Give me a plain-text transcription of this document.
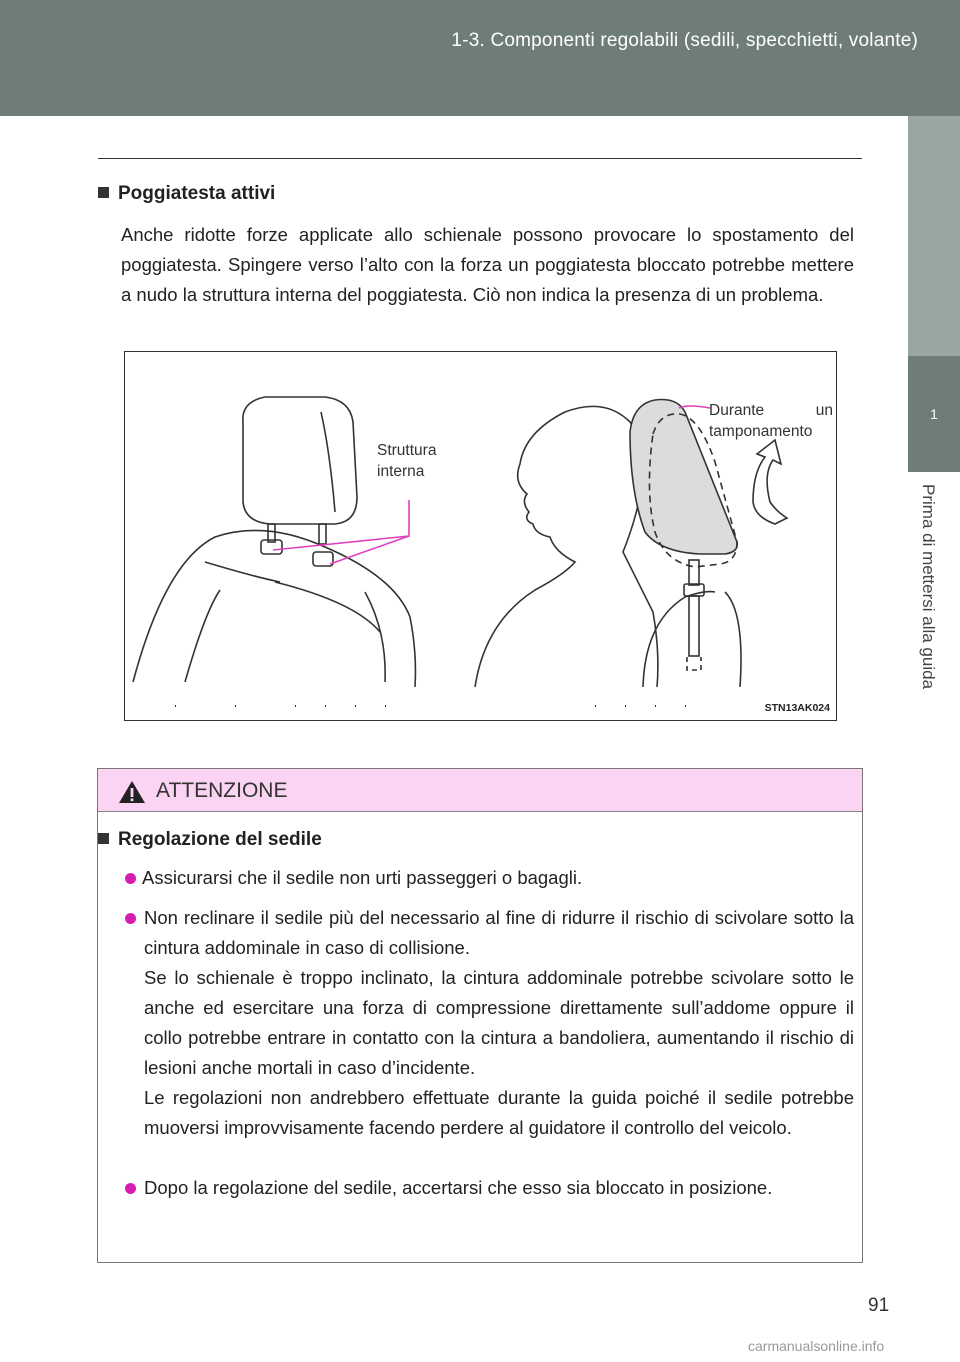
1-3. Componenti regolabili (sedili, specchietti, volante)
1
Prima di mettersi alla guida
Poggiatesta attivi
Anche ridotte forze applicate allo schienale possono provocare lo spostamento del poggiatesta. Spingere verso l’alto con la forza un poggiatesta bloccato potrebbe mettere a nudo la struttura interna del poggiatesta. Ciò non indica la presenza di un problema.
Struttura
interna
Durante	un
tamponamento
STN13AK024
ATTENZIONE
Regolazione del sedile

Assicurarsi che il sedile non urti passeggeri o bagagli.

Non reclinare il sedile più del necessario al fine di ridurre il rischio di scivolare sotto la cintura addominale in caso di collisione.

Se lo schienale è troppo inclinato, la cintura addominale potrebbe scivolare sotto le anche ed esercitare una forza di compressione direttamente sull’addome oppure il collo potrebbe entrare in contatto con la cintura a bandoliera, aumentando il rischio di lesioni anche mortali in caso d’incidente.

Le regolazioni non andrebbero effettuate durante la guida poiché il sedile potrebbe muoversi improvvisamente facendo perdere al guidatore il controllo del veicolo.

Dopo la regolazione del sedile, accertarsi che esso sia bloccato in posizione.

91
carmanualsonline.info
